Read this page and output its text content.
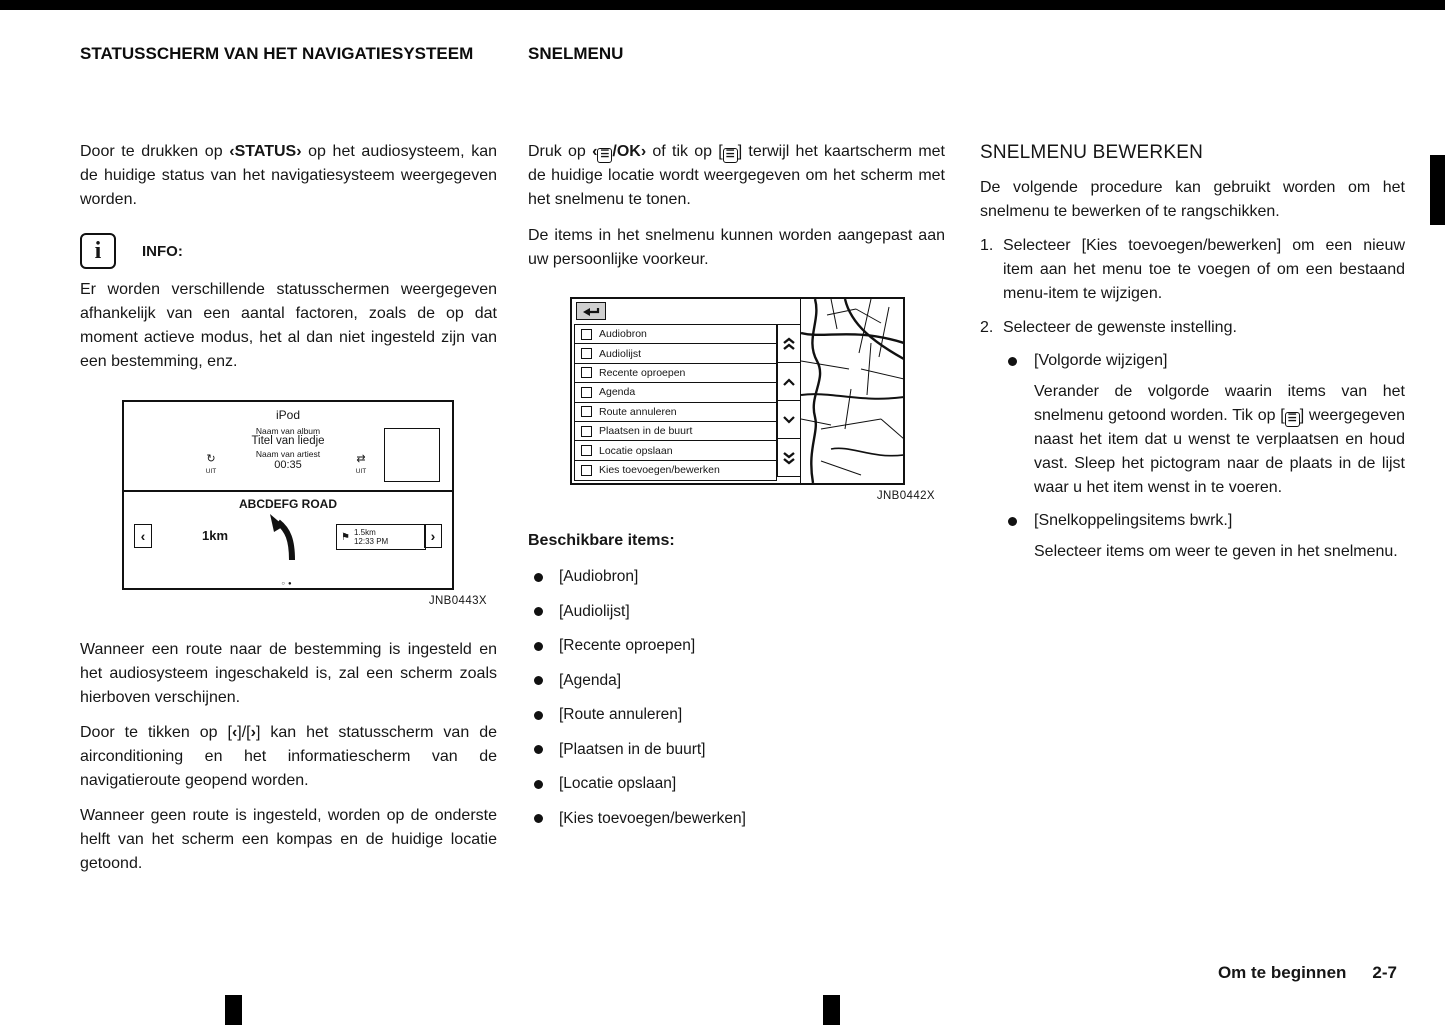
STATUSSCHERM VAN HET NAVIGATIESYSTEEM	SNELMENU
Door te drukken op ‹STATUS› op het audiosysteem, kan de huidige status van het navigatiesysteem weergegeven worden.
i	INFO:
Er worden verschillende statusschermen weergegeven afhankelijk van een aantal factoren, zoals de op dat moment actieve modus, het al dan niet ingesteld zijn van een bestemming, enz.
iPod
Naam van album
Titel van liedje
Naam van artiest
00:35
↻
UIT
⇄
UIT
ABCDEFG ROAD
‹	1km	⚑ 1.5km
12:33 PM	›
○●
JNB0443X
Wanneer een route naar de bestemming is ingesteld en het audiosysteem ingeschakeld is, zal een scherm zoals hierboven verschijnen.
Door te tikken op [‹]/[›] kan het statusscherm van de airconditioning en het informatiescherm van de navigatieroute geopend worden.
Wanneer geen route is ingesteld, worden op de onderste helft van het scherm een kompas en de huidige locatie getoond.
Druk op ‹ ☰ /OK› of tik op [ ☰ ] terwijl het kaartscherm met de huidige locatie wordt weergegeven om het scherm met het snelmenu te tonen.
De items in het snelmenu kunnen worden aangepast aan uw persoonlijke voorkeur.
Audiobron
Audiolijst
Recente oproepen
Agenda
Route annuleren
Plaatsen in de buurt
Locatie opslaan
Kies toevoegen/bewerken
JNB0442X
Beschikbare items:
[Audiobron]
[Audiolijst]
[Recente oproepen]
[Agenda]
[Route annuleren]
[Plaatsen in de buurt]
[Locatie opslaan]
[Kies toevoegen/bewerken]
SNELMENU BEWERKEN
De volgende procedure kan gebruikt worden om het snelmenu te bewerken of te rangschikken.
1. Selecteer [Kies toevoegen/bewerken] om een nieuw item aan het menu toe te voegen of om een bestaand menu-item te wijzigen.
2. Selecteer de gewenste instelling.
[Volgorde wijzigen]
Verander de volgorde waarin items van het snelmenu getoond worden. Tik op [ ☰ ] weergegeven naast het item dat u wenst te verplaatsen en houd vast. Sleep het pictogram naar de plaats in de lijst waar u het item wenst in te voeren.
[Snelkoppelingsitems bwrk.]
Selecteer items om weer te geven in het snelmenu.
Om te beginnen 2-7
